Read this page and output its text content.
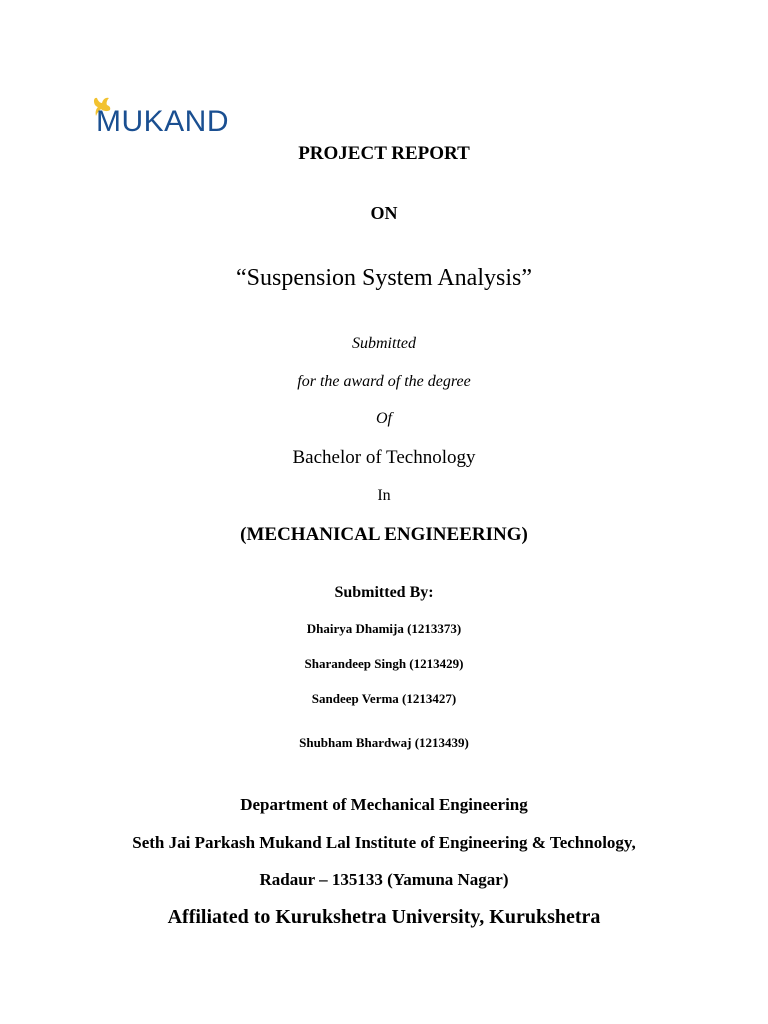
MUKAND
PROJECT REPORT
ON
“Suspension System Analysis”
Submitted
for the award of the degree
Of
Bachelor of Technology
In
(MECHANICAL ENGINEERING)
Submitted By:
Dhairya Dhamija (1213373)
Sharandeep Singh (1213429)
Sandeep Verma (1213427)
Shubham Bhardwaj (1213439)
Department of Mechanical Engineering
Seth Jai Parkash Mukand Lal Institute of Engineering & Technology,
Radaur – 135133 (Yamuna Nagar)
Affiliated to Kurukshetra University, Kurukshetra
